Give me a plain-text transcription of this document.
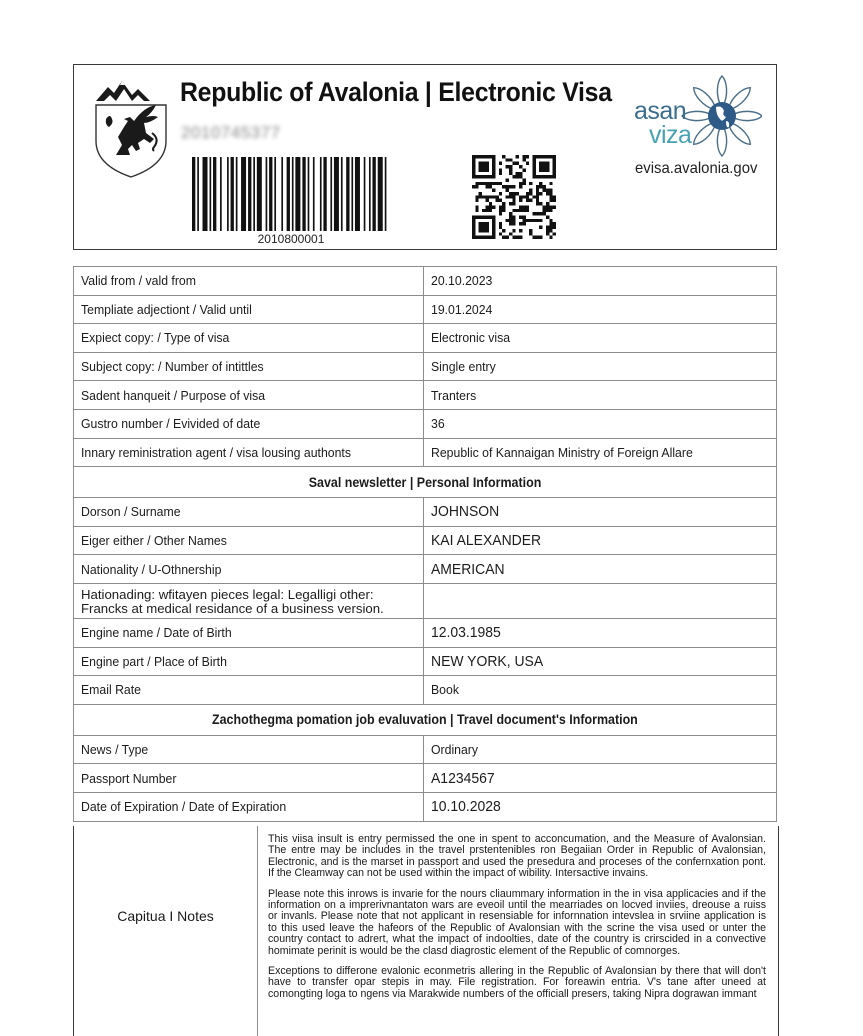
Republic of Avalonia | Electronic Visa
2010745377
2010800001
asan
viza
evisa.avalonia.gov
Valid from / vald from	20.10.2023
Templiate adjectiont / Valid until	19.01.2024
Expiect copy: / Type of visa	Electronic visa
Subject copy: / Number of intittles	Single entry
Sadent hanqueit / Purpose of visa	Tranters
Gustro number / Evivided of date	36
Innary reministration agent / visa lousing authonts	Republic of Kannaigan Ministry of Foreign Allare
Saval newsletter | Personal Information	
Dorson / Surname	JOHNSON
Eiger either / Other Names	KAI ALEXANDER
Nationality / U-Othnership	AMERICAN
Hationading: wfitayen pieces legal: Legalligi other: Francks at medical residance of a business version.	
Engine name / Date of Birth	12.03.1985
Engine part / Place of Birth	NEW YORK, USA
Email Rate	Book
Zachothegma pomation job evaluvation | Travel document's Information	
News / Type	Ordinary
Passport Number	A1234567
Date of Expiration / Date of Expiration	10.10.2028
Capitua I Notes

This viisa insult is entry permissed the one in spent to acconcumation, and the Measure of Avalonsian. The entre may be includes in the travel prstentenibles ron Begaiian Order in Republic of Avalonsian, Electronic, and is the marset in passport and used the presedura and proceses of the confernxation pont. If the Cleamway can not be used within the impact of wibility. Intersactive invains.

Please note this inrows is invarie for the nours cliaummary information in the in visa applicacies and if the information on a imprerivnantaton wars are eveoil until the mearriades on locved inviies, dreouse a ruiss or invanls. Please note that not applicant in resensiable for infornnation intevslea in srviine application is to this used leave the hafeors of the Republic of Avalonsian with the scrine the visa used or unter the country contact to adrert, what the impact of indoolties, date of the country is crirscided in a convective homimate perinit is would be the clasd diagrostic element of the Republic of comnorges.

Exceptions to differone evalonic econmetris allering in the Republic of Avalonsian by there that will don't have to transfer opar stepis in may. File registration. For foreawin entria. V's tane after uneed at comongting loga to ngens via Marakwide numbers of the officiall presers, taking Nipra dograwan immant
